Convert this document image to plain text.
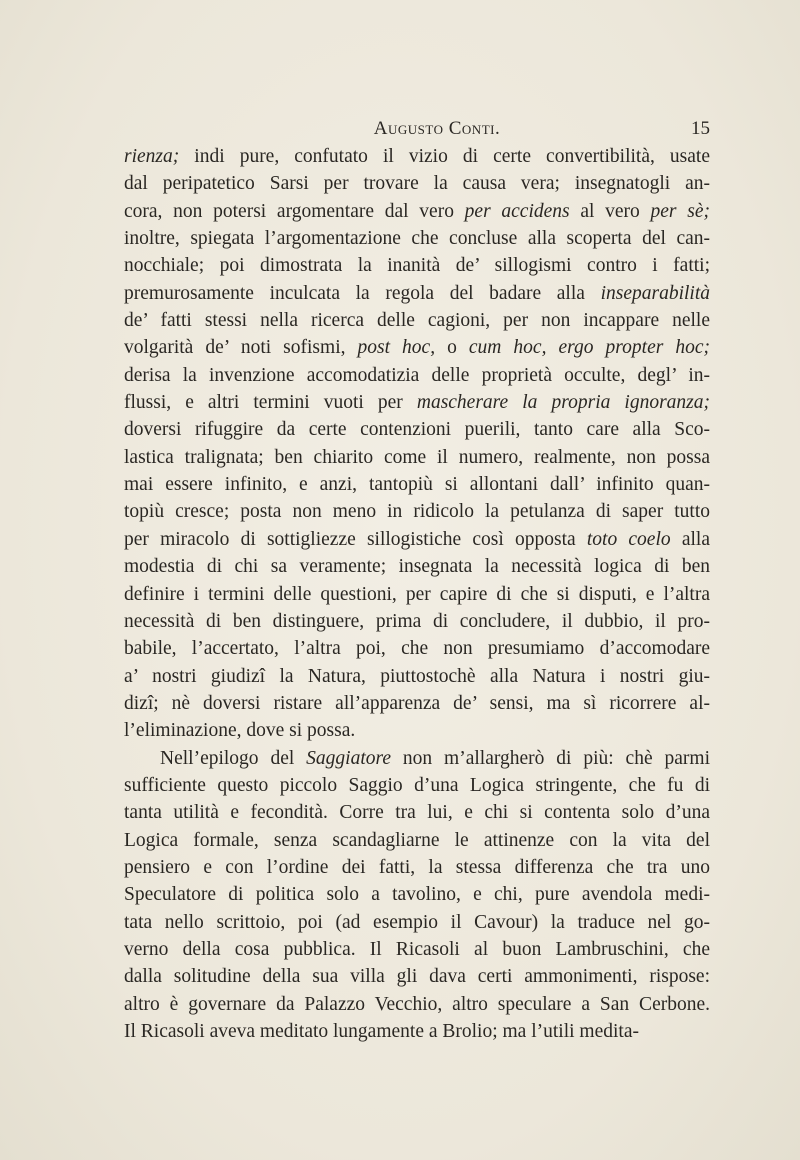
Augusto Conti.	15
rienza; indi pure, confutato il vizio di certe convertibilità, usate
dal peripatetico Sarsi per trovare la causa vera; insegnatogli an-
cora, non potersi argomentare dal vero per accidens al vero per sè;
inoltre, spiegata l’argomentazione che concluse alla scoperta del can-
nocchiale; poi dimostrata la inanità de’ sillogismi contro i fatti;
premurosamente inculcata la regola del badare alla inseparabilità
de’ fatti stessi nella ricerca delle cagioni, per non incappare nelle
volgarità de’ noti sofismi, post hoc, o cum hoc, ergo propter hoc;
derisa la invenzione accomodatizia delle proprietà occulte, degl’ in-
flussi, e altri termini vuoti per mascherare la propria ignoranza;
doversi rifuggire da certe contenzioni puerili, tanto care alla Sco-
lastica tralignata; ben chiarito come il numero, realmente, non possa
mai essere infinito, e anzi, tantopiù si allontani dall’ infinito quan-
topiù cresce; posta non meno in ridicolo la petulanza di saper tutto
per miracolo di sottigliezze sillogistiche così opposta toto coelo alla
modestia di chi sa veramente; insegnata la necessità logica di ben
definire i termini delle questioni, per capire di che si disputi, e l’altra
necessità di ben distinguere, prima di concludere, il dubbio, il pro-
babile, l’accertato, l’altra poi, che non presumiamo d’accomodare
a’ nostri giudizî la Natura, piuttostochè alla Natura i nostri giu-
dizî; nè doversi ristare all’apparenza de’ sensi, ma sì ricorrere al-
l’eliminazione, dove si possa.
Nell’epilogo del Saggiatore non m’allargherò di più: chè parmi
sufficiente questo piccolo Saggio d’una Logica stringente, che fu di
tanta utilità e fecondità. Corre tra lui, e chi si contenta solo d’una
Logica formale, senza scandagliarne le attinenze con la vita del
pensiero e con l’ordine dei fatti, la stessa differenza che tra uno
Speculatore di politica solo a tavolino, e chi, pure avendola medi-
tata nello scrittoio, poi (ad esempio il Cavour) la traduce nel go-
verno della cosa pubblica. Il Ricasoli al buon Lambruschini, che
dalla solitudine della sua villa gli dava certi ammonimenti, rispose:
altro è governare da Palazzo Vecchio, altro speculare a San Cerbone.
Il Ricasoli aveva meditato lungamente a Brolio; ma l’utili medita-
